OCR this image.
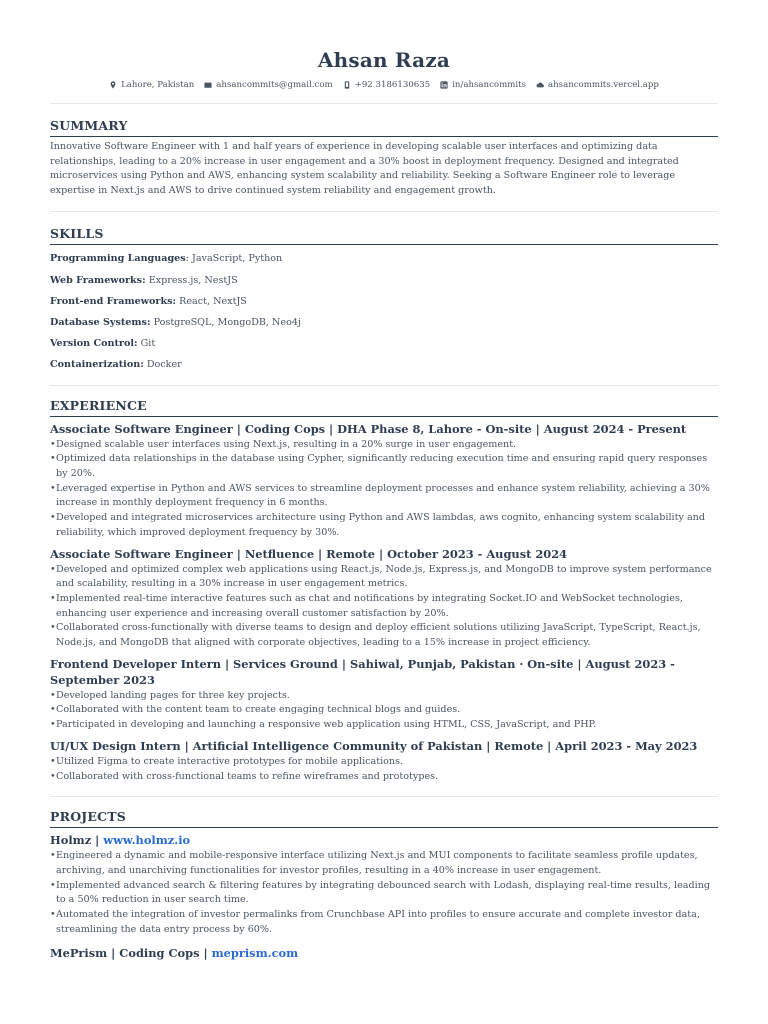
Ahsan Raza
Lahore, Pakistan	ahsancommits@gmail.com	+92 3186130635	in/ahsancommits	ahsancommits.vercel.app
SUMMARY
Innovative Software Engineer with 1 and half years of experience in developing scalable user interfaces and optimizing data relationships, leading to a 20% increase in user engagement and a 30% boost in deployment frequency. Designed and integrated microservices using Python and AWS, enhancing system scalability and reliability. Seeking a Software Engineer role to leverage expertise in Next.js and AWS to drive continued system reliability and engagement growth.
SKILLS
Programming Languages: JavaScript, Python
Web Frameworks: Express.js, NestJS
Front-end Frameworks: React, NextJS
Database Systems: PostgreSQL, MongoDB, Neo4j
Version Control: Git
Containerization: Docker
EXPERIENCE
Associate Software Engineer | Coding Cops | DHA Phase 8, Lahore - On-site | August 2024 - Present
• Designed scalable user interfaces using Next.js, resulting in a 20% surge in user engagement.
• Optimized data relationships in the database using Cypher, significantly reducing execution time and ensuring rapid query responses by 20%.
• Leveraged expertise in Python and AWS services to streamline deployment processes and enhance system reliability, achieving a 30% increase in monthly deployment frequency in 6 months.
• Developed and integrated microservices architecture using Python and AWS lambdas, aws cognito, enhancing system scalability and reliability, which improved deployment frequency by 30%.
Associate Software Engineer | Netfluence | Remote | October 2023 - August 2024
• Developed and optimized complex web applications using React.js, Node.js, Express.js, and MongoDB to improve system performance and scalability, resulting in a 30% increase in user engagement metrics.
• Implemented real-time interactive features such as chat and notifications by integrating Socket.IO and WebSocket technologies, enhancing user experience and increasing overall customer satisfaction by 20%.
• Collaborated cross-functionally with diverse teams to design and deploy efficient solutions utilizing JavaScript, TypeScript, React.js, Node.js, and MongoDB that aligned with corporate objectives, leading to a 15% increase in project efficiency.
Frontend Developer Intern | Services Ground | Sahiwal, Punjab, Pakistan · On-site | August 2023 - September 2023
• Developed landing pages for three key projects.
• Collaborated with the content team to create engaging technical blogs and guides.
• Participated in developing and launching a responsive web application using HTML, CSS, JavaScript, and PHP.
UI/UX Design Intern | Artificial Intelligence Community of Pakistan | Remote | April 2023 - May 2023
• Utilized Figma to create interactive prototypes for mobile applications.
• Collaborated with cross-functional teams to refine wireframes and prototypes.
PROJECTS
Holmz | www.holmz.io
• Engineered a dynamic and mobile-responsive interface utilizing Next.js and MUI components to facilitate seamless profile updates, archiving, and unarchiving functionalities for investor profiles, resulting in a 40% increase in user engagement.
• Implemented advanced search & filtering features by integrating debounced search with Lodash, displaying real-time results, leading to a 50% reduction in user search time.
• Automated the integration of investor permalinks from Crunchbase API into profiles to ensure accurate and complete investor data, streamlining the data entry process by 60%.
MePrism | Coding Cops | meprism.com
